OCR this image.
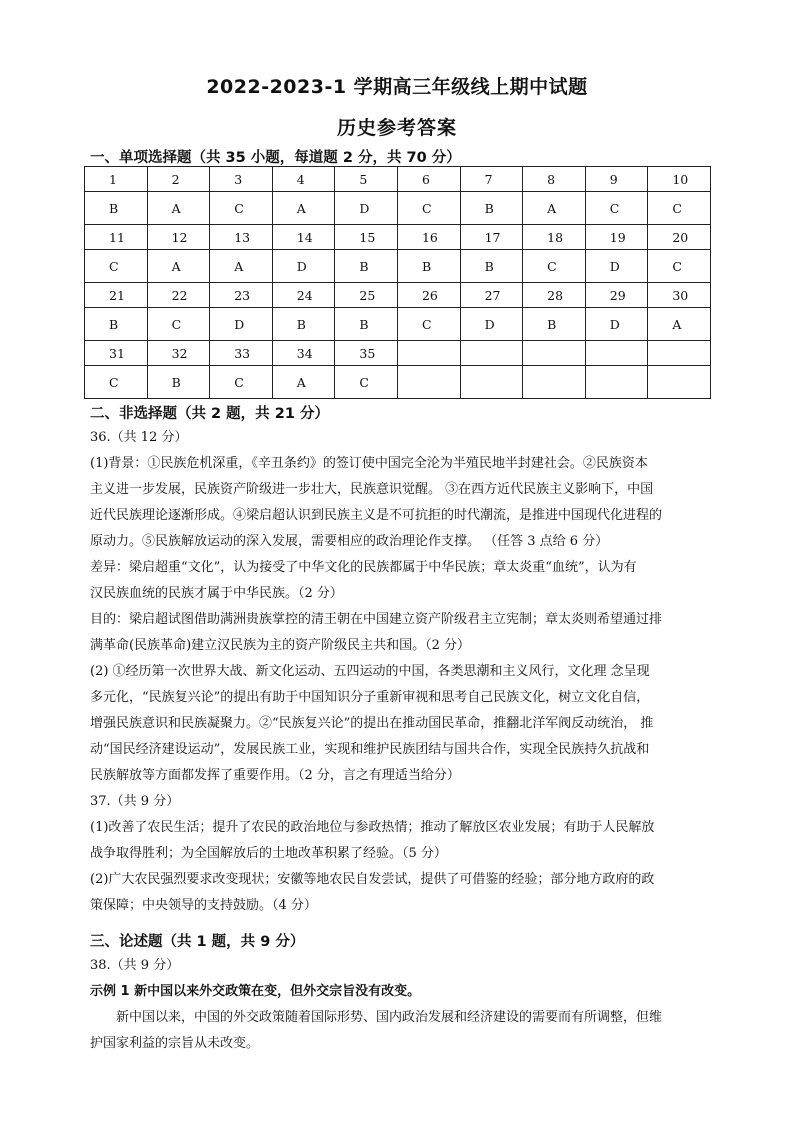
2022-2023-1 学期高三年级线上期中试题
历史参考答案
一、单项选择题（共 35 小题，每道题 2 分，共 70 分）
1	2	3	4	5	6	7	8	9	10
B	A	C	A	D	C	B	A	C	C
11	12	13	14	15	16	17	18	19	20
C	A	A	D	B	B	B	C	D	C
21	22	23	24	25	26	27	28	29	30
B	C	D	B	B	C	D	B	D	A
31	32	33	34	35					
C	B	C	A	C					
二、非选择题（共 2 题，共 21 分）
36.（共 12 分）
(1)背景：①民族危机深重，《辛丑条约》的签订使中国完全沦为半殖民地半封建社会。②民族资本
主义进一步发展，民族资产阶级进一步壮大，民族意识觉醒。 ③在西方近代民族主义影响下，中国
近代民族理论逐渐形成。④梁启超认识到民族主义是不可抗拒的时代潮流，是推进中国现代化进程的
原动力。⑤民族解放运动的深入发展，需要相应的政治理论作支撑。 （任答 3 点给 6 分）
差异：梁启超重“文化”，认为接受了中华文化的民族都属于中华民族；章太炎重“血统”，认为有
汉民族血统的民族才属于中华民族。（2 分）
目的：梁启超试图借助满洲贵族掌控的清王朝在中国建立资产阶级君主立宪制；章太炎则希望通过排
满革命(民族革命)建立汉民族为主的资产阶级民主共和国。（2 分）
(2) ①经历第一次世界大战、新文化运动、五四运动的中国，各类思潮和主义风行，文化理 念呈现
多元化，“民族复兴论”的提出有助于中国知识分子重新审视和思考自己民族文化，树立文化自信，
增强民族意识和民族凝聚力。②“民族复兴论”的提出在推动国民革命，推翻北洋军阀反动统治， 推
动“国民经济建设运动”，发展民族工业，实现和维护民族团结与国共合作，实现全民族持久抗战和
民族解放等方面都发挥了重要作用。（2 分，言之有理适当给分）
37.（共 9 分）
(1)改善了农民生活；提升了农民的政治地位与参政热情；推动了解放区农业发展；有助于人民解放
战争取得胜利；为全国解放后的土地改革积累了经验。（5 分）
(2)广大农民强烈要求改变现状；安徽等地农民自发尝试，提供了可借鉴的经验；部分地方政府的政
策保障；中央领导的支持鼓励。（4 分）
三、论述题（共 1 题，共 9 分）
38.（共 9 分）
示例 1 新中国以来外交政策在变，但外交宗旨没有改变。
　　新中国以来，中国的外交政策随着国际形势、国内政治发展和经济建设的需要而有所调整，但维
护国家利益的宗旨从未改变。
